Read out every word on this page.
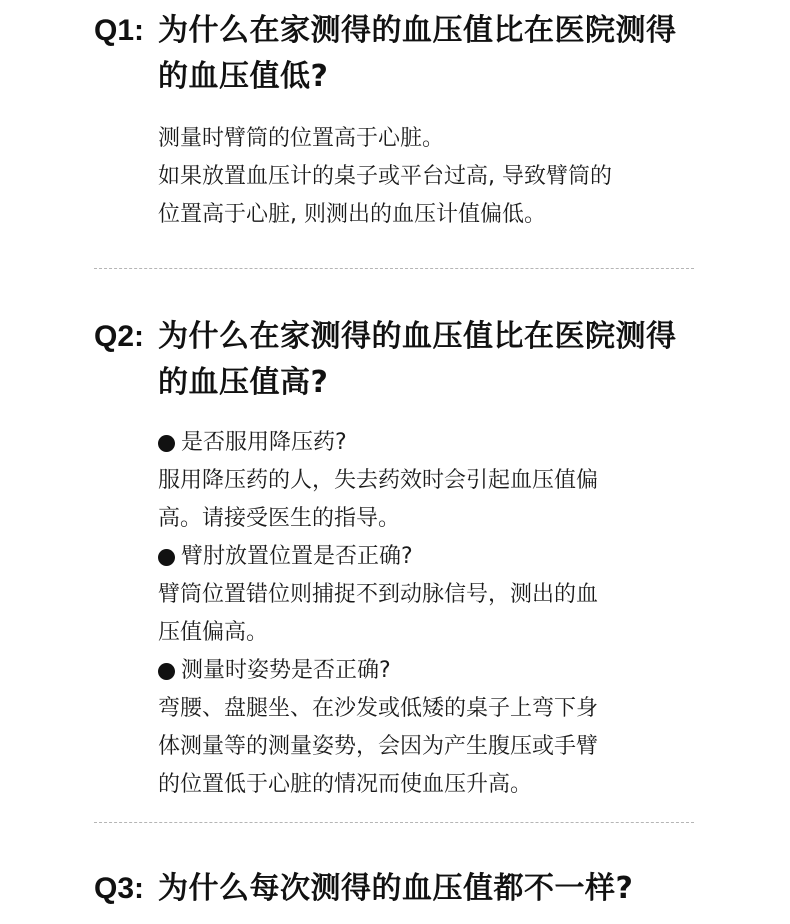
Q1: 为什么在家测得的血压值比在医院测得的血压值低?

测量时臂筒的位置高于心脏。

如果放置血压计的桌子或平台过高, 导致臂筒的

位置高于心脏, 则测出的血压计值偏低。

Q2: 为什么在家测得的血压值比在医院测得的血压值高?

是否服用降压药?

服用降压药的人，失去药效时会引起血压值偏

高。请接受医生的指导。

臂肘放置位置是否正确?

臂筒位置错位则捕捉不到动脉信号，测出的血

压值偏高。

测量时姿势是否正确?

弯腰、盘腿坐、在沙发或低矮的桌子上弯下身

体测量等的测量姿势，会因为产生腹压或手臂

的位置低于心脏的情况而使血压升高。

Q3: 为什么每次测得的血压值都不一样?
